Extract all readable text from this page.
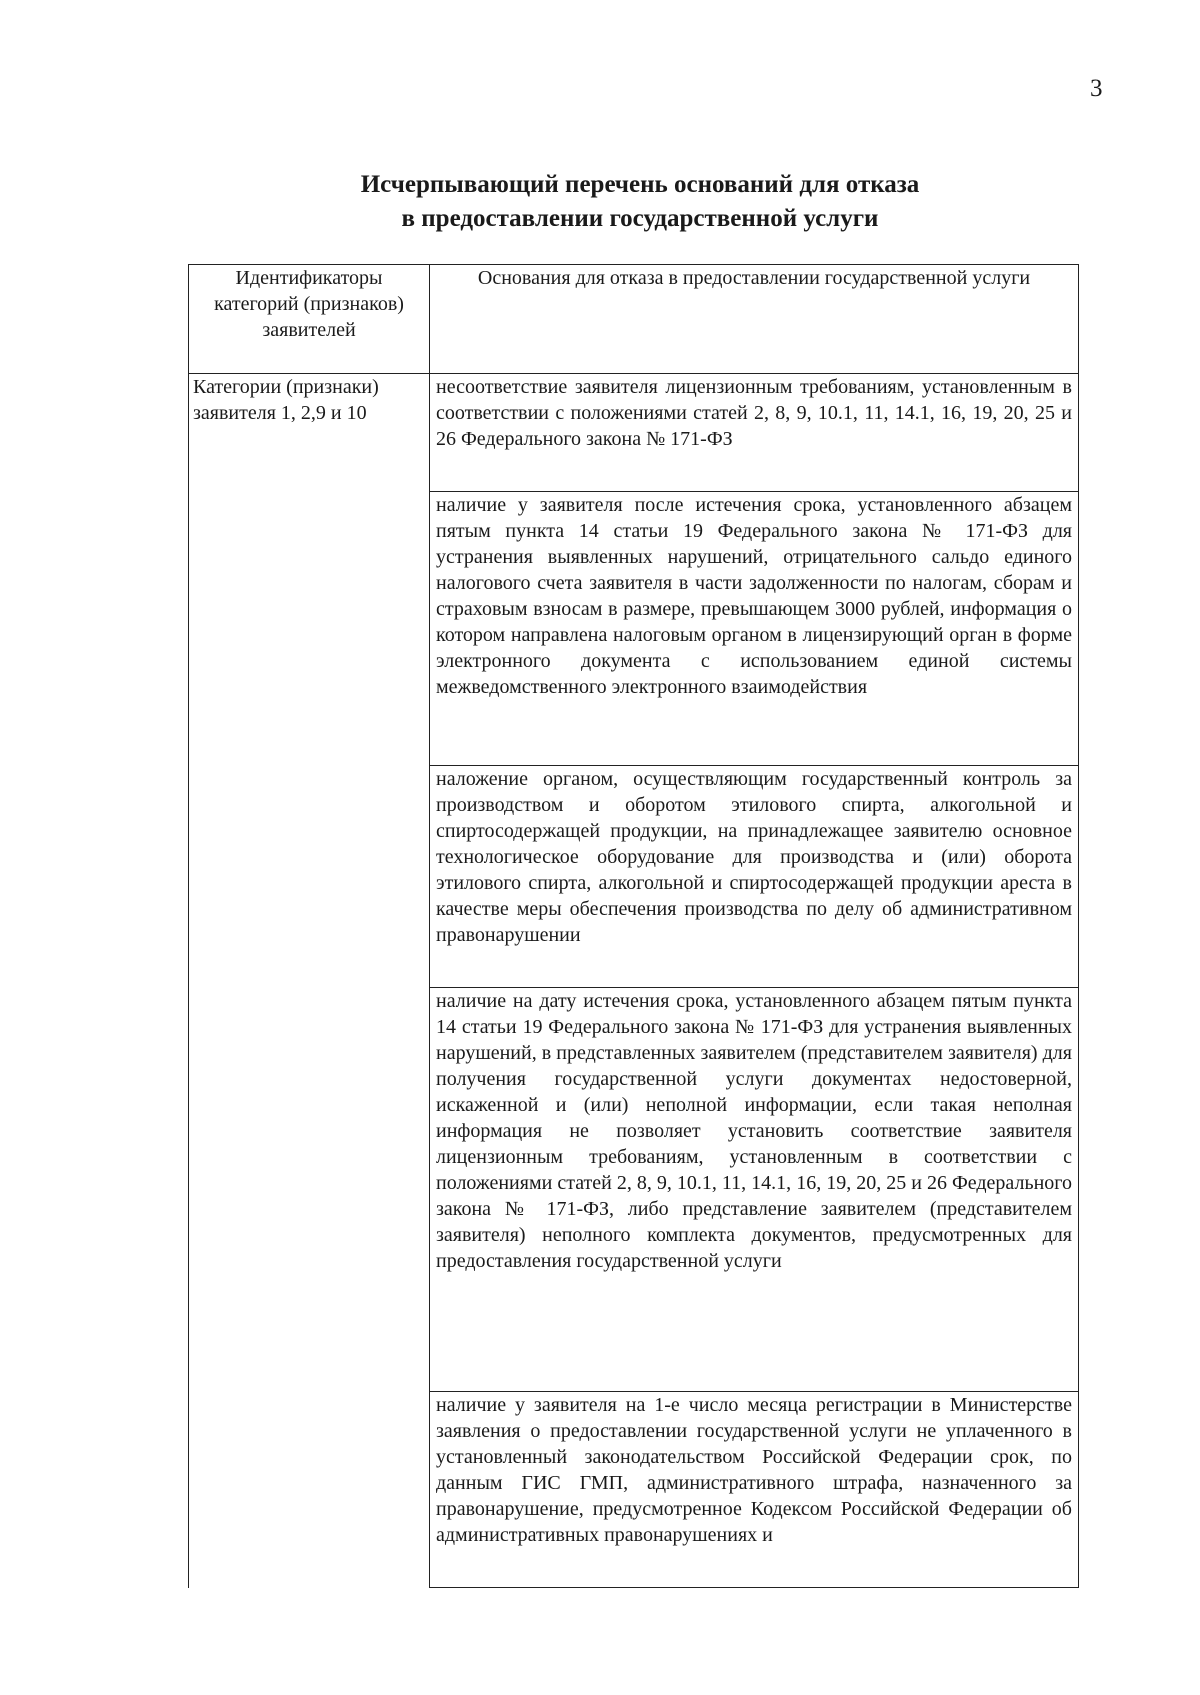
3
Исчерпывающий перечень оснований для отказа
в предоставлении государственной услуги
Идентификаторы категорий (признаков) заявителей	Основания для отказа в предоставлении государственной услуги
Категории (признаки) заявителя 1, 2,9 и 10	несоответствие заявителя лицензионным требованиям, установленным в соответствии с положениями статей 2, 8, 9, 10.1, 11, 14.1, 16, 19, 20, 25 и 26 Федерального закона № 171-ФЗ
	наличие у заявителя после истечения срока, установленного абзацем пятым пункта 14 статьи 19 Федерального закона № 171-ФЗ для устранения выявленных нарушений, отрицательного сальдо единого налогового счета заявителя в части задолженности по налогам, сборам и страховым взносам в размере, превышающем 3000 рублей, информация о котором направлена налоговым органом в лицензирующий орган в форме электронного документа с использованием единой системы межведомственного электронного взаимодействия
	наложение органом, осуществляющим государственный контроль за производством и оборотом этилового спирта, алкогольной и спиртосодержащей продукции, на принадлежащее заявителю основное технологическое оборудование для производства и (или) оборота этилового спирта, алкогольной и спиртосодержащей продукции ареста в качестве меры обеспечения производства по делу об административном правонарушении
	наличие на дату истечения срока, установленного абзацем пятым пункта 14 статьи 19 Федерального закона № 171-ФЗ для устранения выявленных нарушений, в представленных заявителем (представителем заявителя) для получения государственной услуги документах недостоверной, искаженной и (или) неполной информации, если такая неполная информация не позволяет установить соответствие заявителя лицензионным требованиям, установленным в соответствии с положениями статей 2, 8, 9, 10.1, 11, 14.1, 16, 19, 20, 25 и 26 Федерального закона № 171-ФЗ, либо представление заявителем (представителем заявителя) неполного комплекта документов, предусмотренных для предоставления государственной услуги
	наличие у заявителя на 1-е число месяца регистрации в Министерстве заявления о предоставлении государственной услуги не уплаченного в установленный законодательством Российской Федерации срок, по данным ГИС ГМП, административного штрафа, назначенного за правонарушение, предусмотренное Кодексом Российской Федерации об административных правонарушениях и
